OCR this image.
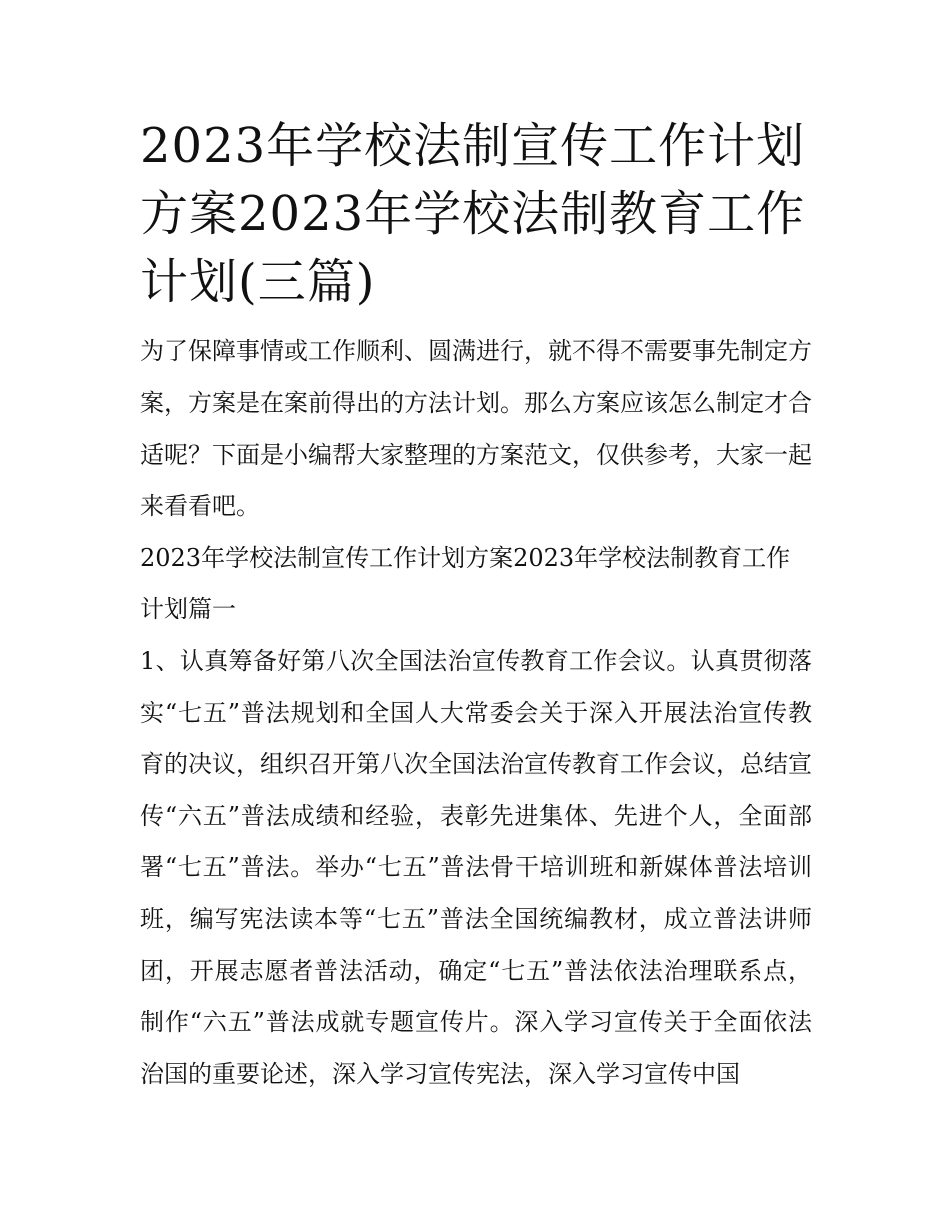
2023年学校法制宣传工作计划方案2023年学校法制教育工作计划(三篇)

为了保障事情或工作顺利、圆满进行，就不得不需要事先制定方案，方案是在案前得出的方法计划。那么方案应该怎么制定才合适呢？下面是小编帮大家整理的方案范文，仅供参考，大家一起来看看吧。

2023年学校法制宣传工作计划方案2023年学校法制教育工作计划篇一

1、认真筹备好第八次全国法治宣传教育工作会议。认真贯彻落实“七五”普法规划和全国人大常委会关于深入开展法治宣传教育的决议，组织召开第八次全国法治宣传教育工作会议，总结宣传“六五”普法成绩和经验，表彰先进集体、先进个人，全面部署“七五”普法。举办“七五”普法骨干培训班和新媒体普法培训班，编写宪法读本等“七五”普法全国统编教材，成立普法讲师团，开展志愿者普法活动，确定“七五”普法依法治理联系点，制作“六五”普法成就专题宣传片。深入学习宣传关于全面依法治国的重要论述，深入学习宣传宪法，深入学习宣传中国
